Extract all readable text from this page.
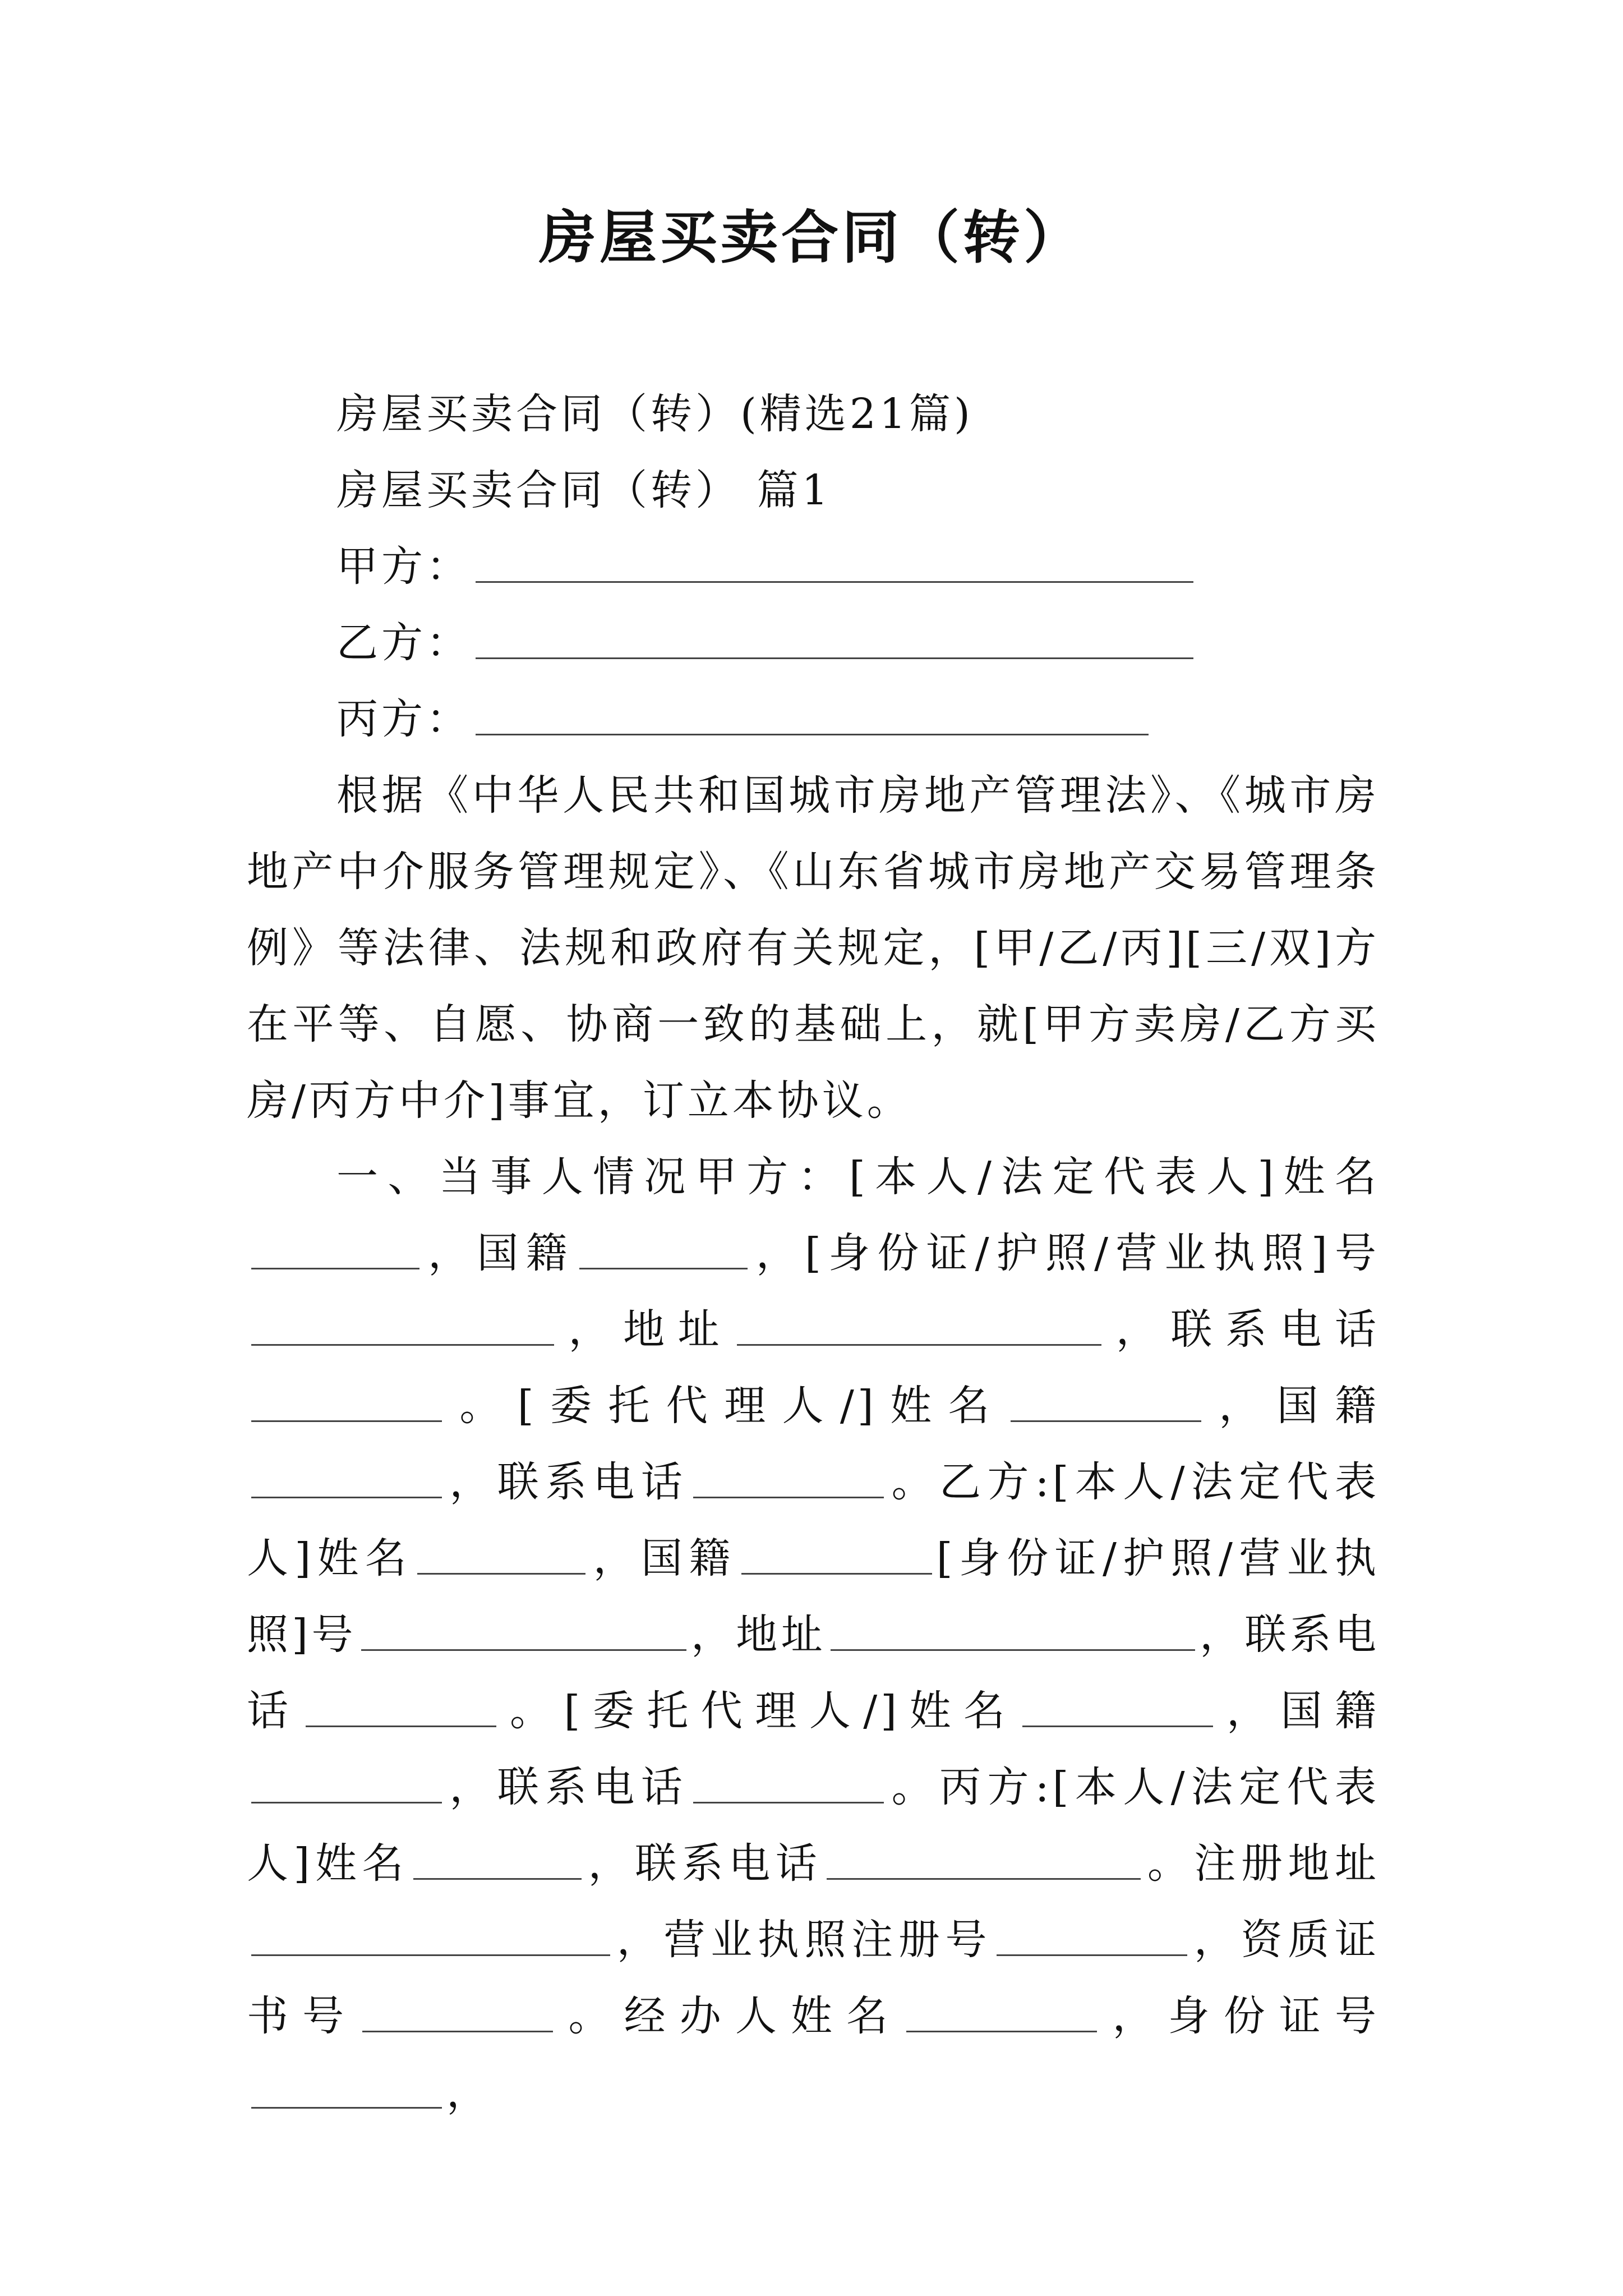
房屋买卖合同（转）
房屋买卖合同（转）(精选21篇)
房屋买卖合同（转） 篇1
甲方：
乙方：
丙方：

根据《中华人民共和国城市房地产管理法》、《城市房地产中介服务管理规定》、《山东省城市房地产交易管理条例》等法律、法规和政府有关规定，[甲/乙/丙][三/双]方在平等、自愿、协商一致的基础上，就[甲方卖房/乙方买房/丙方中介]事宜，订立本协议。

一、当事人情况甲方：[本人/法定代表人]姓名，国籍	，[身份证/护照/营业执照]号，地址	，联系电话。[委托代理人/]姓名	，国籍，联系电话	。乙方:[本人/法定代表人]姓名	，国籍	[身份证/护照/营业执照]号	，地址	，联系电话	。[委托代理人/]姓名	，国籍，联系电话	。丙方:[本人/法定代表人]姓名	，联系电话	。注册地址，营业执照注册号	，资质证书号	。经办人姓名	，身份证号，
